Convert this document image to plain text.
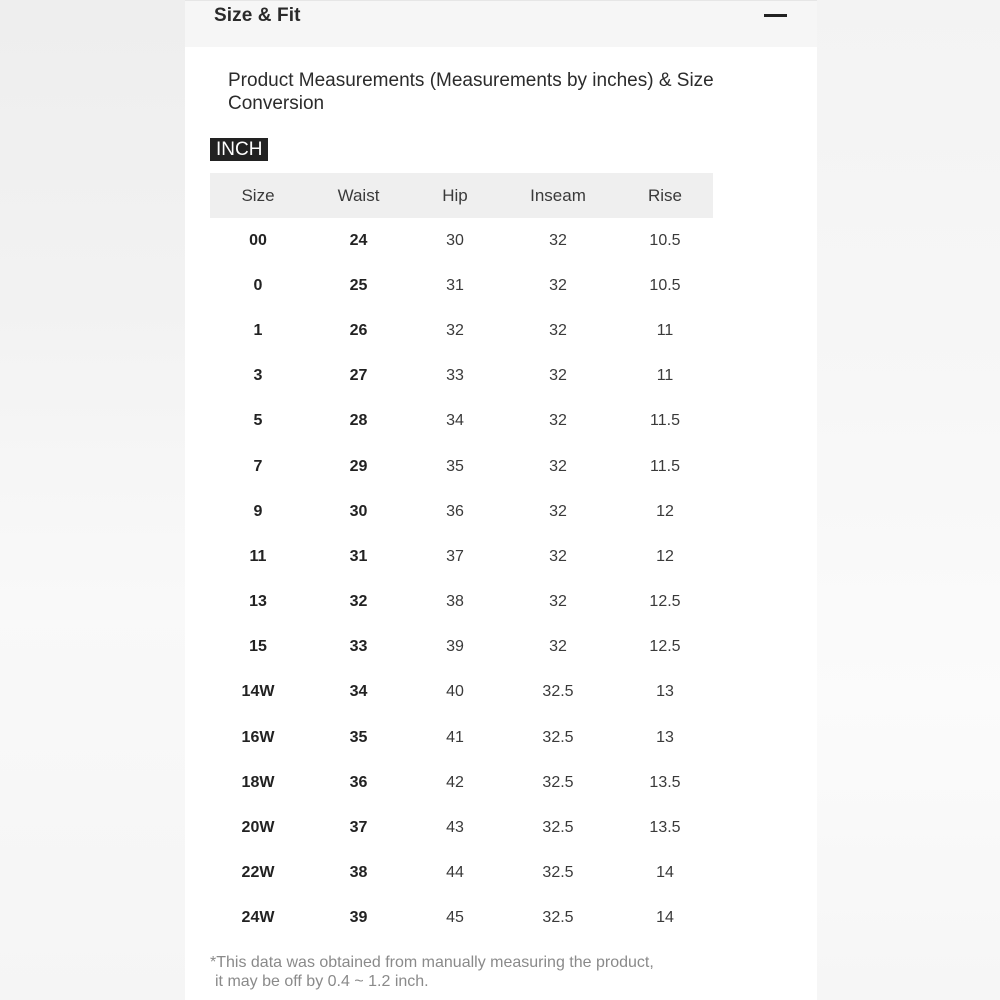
Size & Fit
Product Measurements (Measurements by inches) & Size Conversion
INCH
Size	Waist	Hip	Inseam	Rise
00	24	30	32	10.5
0	25	31	32	10.5
1	26	32	32	11
3	27	33	32	11
5	28	34	32	11.5
7	29	35	32	11.5
9	30	36	32	12
11	31	37	32	12
13	32	38	32	12.5
15	33	39	32	12.5
14W	34	40	32.5	13
16W	35	41	32.5	13
18W	36	42	32.5	13.5
20W	37	43	32.5	13.5
22W	38	44	32.5	14
24W	39	45	32.5	14
*This data was obtained from manually measuring the product,
it may be off by 0.4 ~ 1.2 inch.
